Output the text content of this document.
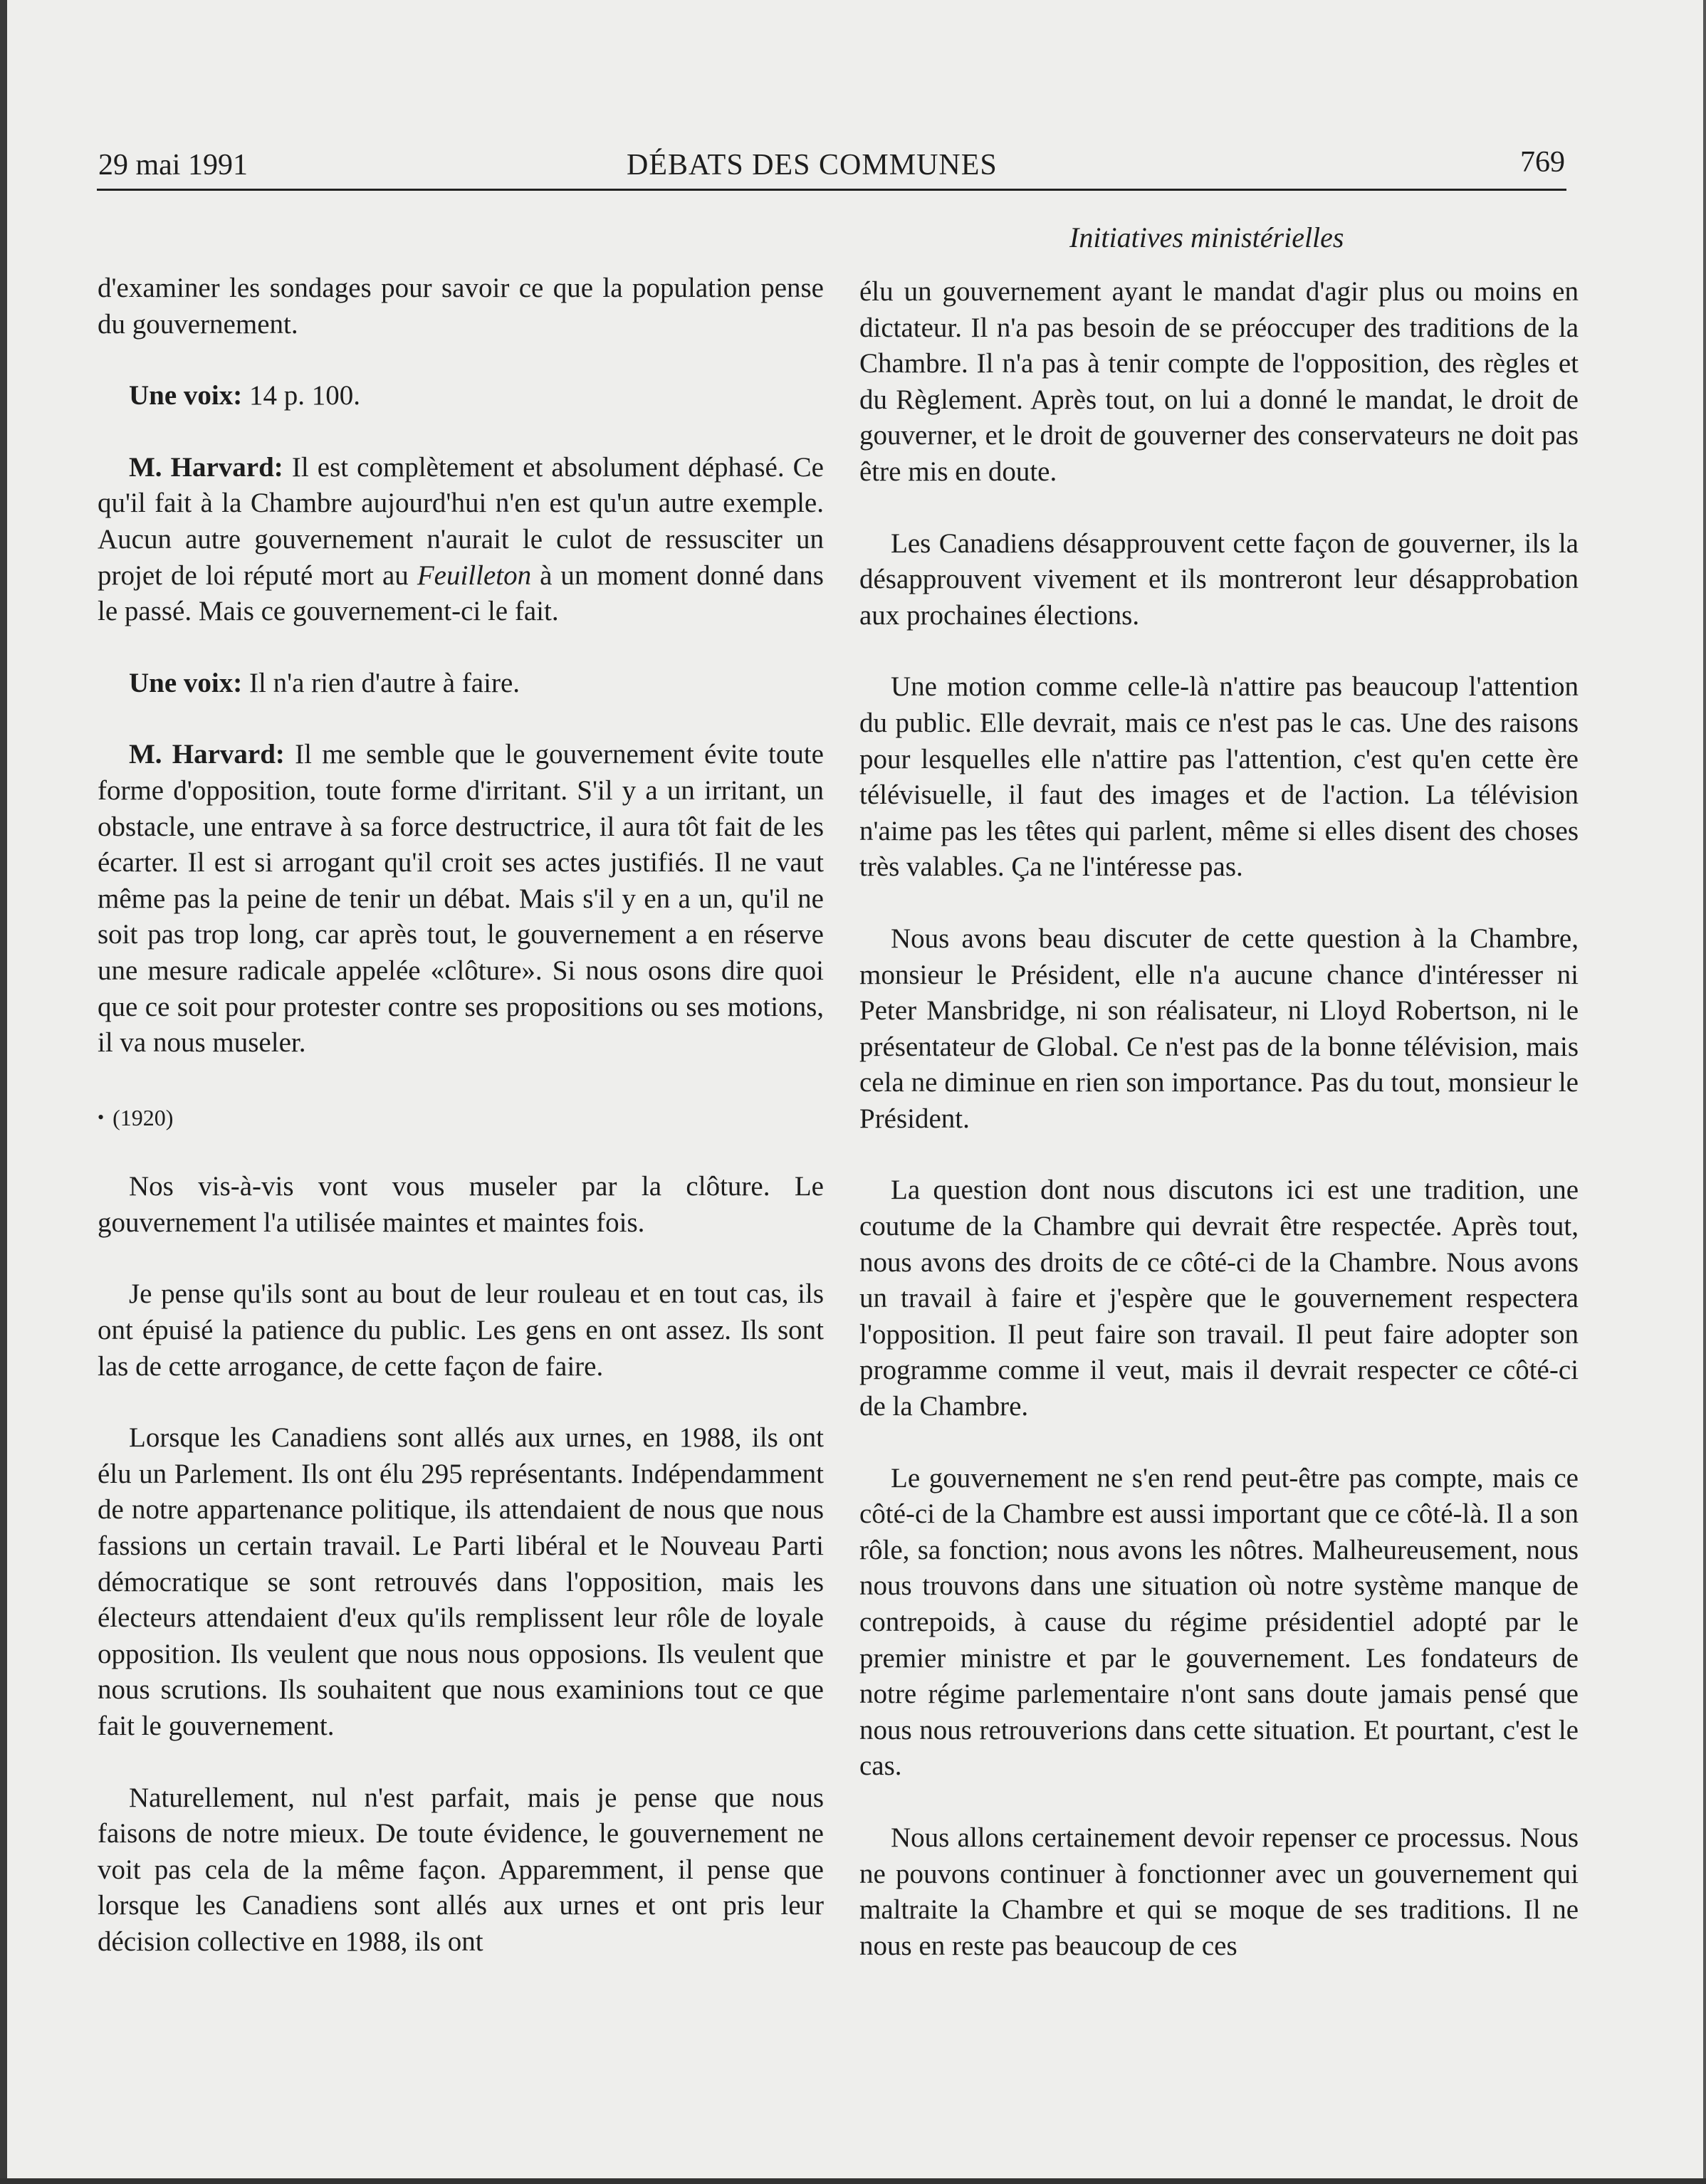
29 mai 1991	DÉBATS DES COMMUNES	769
Initiatives ministérielles

d'examiner les sondages pour savoir ce que la population pense du gouvernement.

Une voix: 14 p. 100.

M. Harvard: Il est complètement et absolument déphasé. Ce qu'il fait à la Chambre aujourd'hui n'en est qu'un autre exemple. Aucun autre gouvernement n'aurait le culot de ressusciter un projet de loi réputé mort au Feuilleton à un moment donné dans le passé. Mais ce gouvernement-ci le fait.

Une voix: Il n'a rien d'autre à faire.

M. Harvard: Il me semble que le gouvernement évite toute forme d'opposition, toute forme d'irritant. S'il y a un irritant, un obstacle, une entrave à sa force destructrice, il aura tôt fait de les écarter. Il est si arrogant qu'il croit ses actes justifiés. Il ne vaut même pas la peine de tenir un débat. Mais s'il y en a un, qu'il ne soit pas trop long, car après tout, le gouvernement a en réserve une mesure radicale appelée «clôture». Si nous osons dire quoi que ce soit pour protester contre ses propositions ou ses motions, il va nous museler.

• (1920)

Nos vis-à-vis vont vous museler par la clôture. Le gouvernement l'a utilisée maintes et maintes fois.

Je pense qu'ils sont au bout de leur rouleau et en tout cas, ils ont épuisé la patience du public. Les gens en ont assez. Ils sont las de cette arrogance, de cette façon de faire.

Lorsque les Canadiens sont allés aux urnes, en 1988, ils ont élu un Parlement. Ils ont élu 295 représentants. Indépendamment de notre appartenance politique, ils attendaient de nous que nous fassions un certain travail. Le Parti libéral et le Nouveau Parti démocratique se sont retrouvés dans l'opposition, mais les électeurs attendaient d'eux qu'ils remplissent leur rôle de loyale opposition. Ils veulent que nous nous opposions. Ils veulent que nous scrutions. Ils souhaitent que nous examinions tout ce que fait le gouvernement.

Naturellement, nul n'est parfait, mais je pense que nous faisons de notre mieux. De toute évidence, le gouvernement ne voit pas cela de la même façon. Apparemment, il pense que lorsque les Canadiens sont allés aux urnes et ont pris leur décision collective en 1988, ils ont

élu un gouvernement ayant le mandat d'agir plus ou moins en dictateur. Il n'a pas besoin de se préoccuper des traditions de la Chambre. Il n'a pas à tenir compte de l'opposition, des règles et du Règlement. Après tout, on lui a donné le mandat, le droit de gouverner, et le droit de gouverner des conservateurs ne doit pas être mis en doute.

Les Canadiens désapprouvent cette façon de gouverner, ils la désapprouvent vivement et ils montreront leur désapprobation aux prochaines élections.

Une motion comme celle-là n'attire pas beaucoup l'attention du public. Elle devrait, mais ce n'est pas le cas. Une des raisons pour lesquelles elle n'attire pas l'attention, c'est qu'en cette ère télévisuelle, il faut des images et de l'action. La télévision n'aime pas les têtes qui parlent, même si elles disent des choses très valables. Ça ne l'intéresse pas.

Nous avons beau discuter de cette question à la Chambre, monsieur le Président, elle n'a aucune chance d'intéresser ni Peter Mansbridge, ni son réalisateur, ni Lloyd Robertson, ni le présentateur de Global. Ce n'est pas de la bonne télévision, mais cela ne diminue en rien son importance. Pas du tout, monsieur le Président.

La question dont nous discutons ici est une tradition, une coutume de la Chambre qui devrait être respectée. Après tout, nous avons des droits de ce côté-ci de la Chambre. Nous avons un travail à faire et j'espère que le gouvernement respectera l'opposition. Il peut faire son travail. Il peut faire adopter son programme comme il veut, mais il devrait respecter ce côté-ci de la Chambre.

Le gouvernement ne s'en rend peut-être pas compte, mais ce côté-ci de la Chambre est aussi important que ce côté-là. Il a son rôle, sa fonction; nous avons les nôtres. Malheureusement, nous nous trouvons dans une situation où notre système manque de contrepoids, à cause du régime présidentiel adopté par le premier ministre et par le gouvernement. Les fondateurs de notre régime parlementaire n'ont sans doute jamais pensé que nous nous retrouverions dans cette situation. Et pourtant, c'est le cas.

Nous allons certainement devoir repenser ce processus. Nous ne pouvons continuer à fonctionner avec un gouvernement qui maltraite la Chambre et qui se moque de ses traditions. Il ne nous en reste pas beaucoup de ces
